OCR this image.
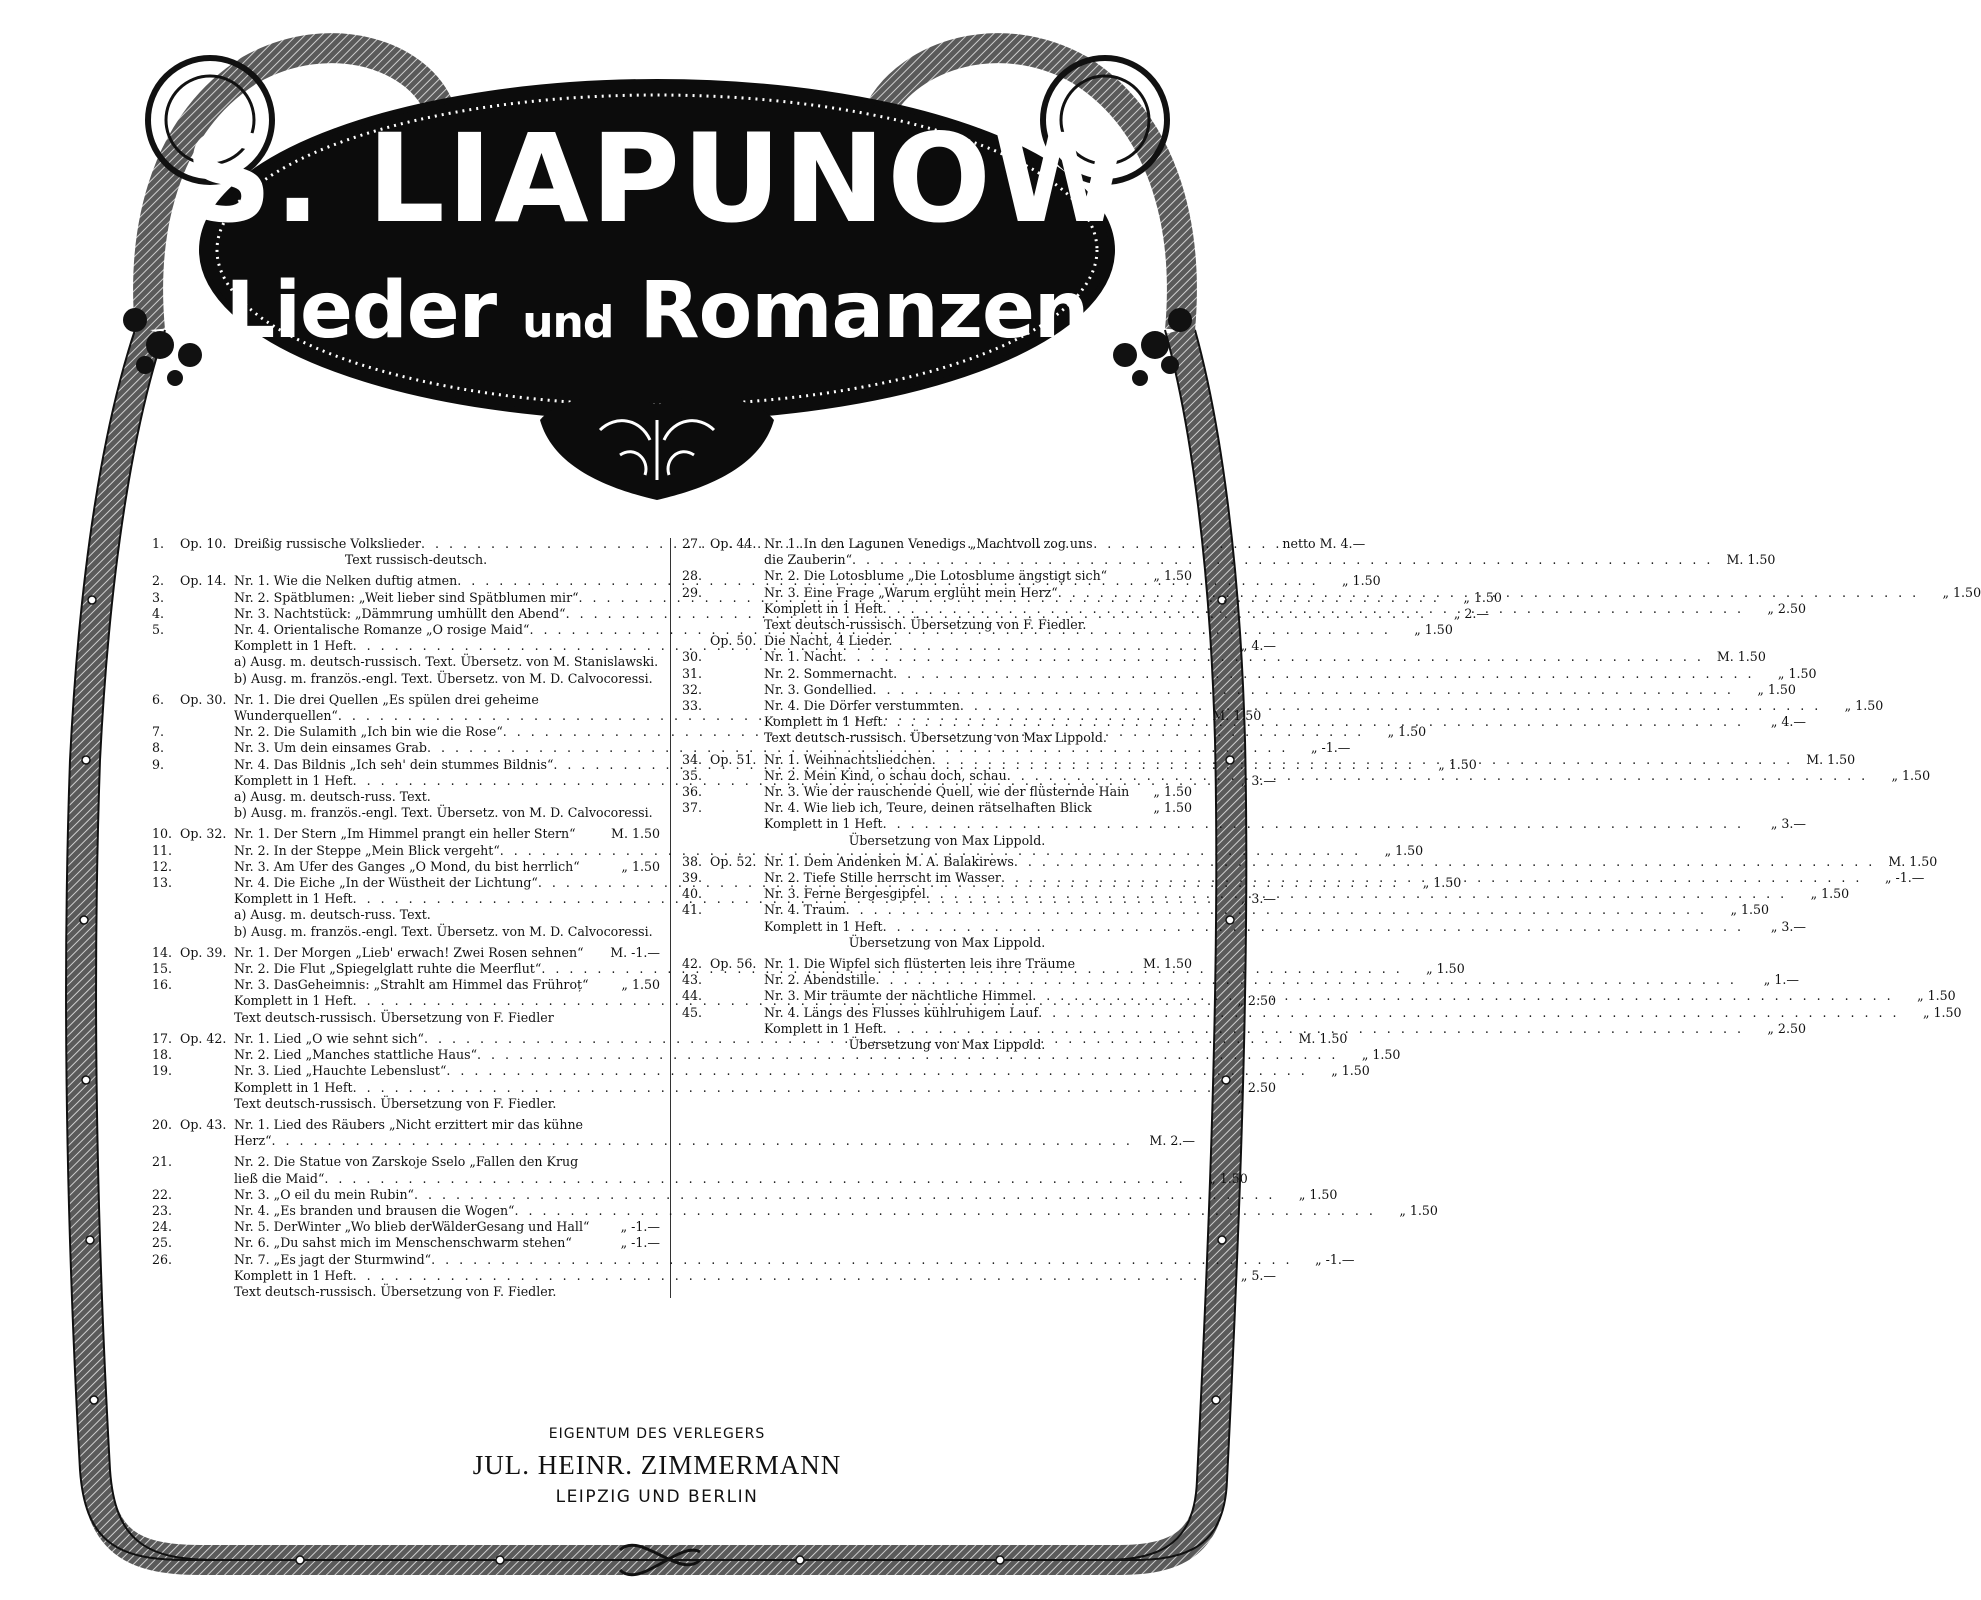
S. LIAPUNOW
Lieder und Romanzen
1.	Op. 10. Dreißig russische Volkslieder . . .	netto M. 4.—
Text russisch-deutsch.
2.	Op. 14. Nr. 1. Wie die Nelken duftig atmen . . .	„ 1.50
3.	Nr. 2. Spätblumen: „Weit lieber sind Spätblumen mir“ . . .	„ 1.50
4.	Nr. 3. Nachtstück: „Dämmrung umhüllt den Abend“ . . .	„ 2.—
5.	Nr. 4. Orientalische Romanze „O rosige Maid“ . . .	„ 1.50
Komplett in 1 Heft . . .	„ 4.—
a) Ausg. m. deutsch-russisch. Text. Übersetz. von M. Stanislawski.
b) Ausg. m. französ.-engl. Text. Übersetz. von M. D. Calvocoressi.
6.	Op. 30. Nr. 1. Die drei Quellen „Es spülen drei geheime
Wunderquellen“ . . .	M. 1.50
7.	Nr. 2. Die Sulamith „Ich bin wie die Rose“ . . .	„ 1.50
8.	Nr. 3. Um dein einsames Grab . . .	„ -1.—
9.	Nr. 4. Das Bildnis „Ich seh' dein stummes Bildnis“ . . .	„ 1.50
Komplett in 1 Heft . . .	„ 3.—
a) Ausg. m. deutsch-russ. Text.
b) Ausg. m. französ.-engl. Text. Übersetz. von M. D. Calvocoressi.
10. Op. 32. Nr. 1. Der Stern „Im Himmel prangt ein heller Stern“	M. 1.50
11.	Nr. 2. In der Steppe „Mein Blick vergeht“ . . .	„ 1.50
12.	Nr. 3. Am Ufer des Ganges „O Mond, du bist herrlich“	„ 1.50
13.	Nr. 4. Die Eiche „In der Wüstheit der Lichtung“ . . .	„ 1.50
Komplett in 1 Heft . . .	„ 3.—
a) Ausg. m. deutsch-russ. Text.
b) Ausg. m. französ.-engl. Text. Übersetz. von M. D. Calvocoressi.
14. Op. 39. Nr. 1. Der Morgen „Lieb' erwach! Zwei Rosen sehnen“	M. -1.—
15.	Nr. 2. Die Flut „Spiegelglatt ruhte die Meerflut“ . . .	„ 1.50
16.	Nr. 3. DasGeheimnis: „Strahlt am Himmel das Frühroț“	„ 1.50
Komplett in 1 Heft . . .	„ 2.50
Text deutsch-russisch. Übersetzung von F. Fiedler
17. Op. 42. Nr. 1. Lied „O wie sehnt sich“ . . .	M. 1.50
18.	Nr. 2. Lied „Manches stattliche Haus“ . . .	„ 1.50
19.	Nr. 3. Lied „Hauchte Lebenslust“ . . .	„ 1.50
Komplett in 1 Heft . . .	„ 2.50
Text deutsch-russisch. Übersetzung von F. Fiedler.
20. Op. 43. Nr. 1. Lied des Räubers „Nicht erzittert mir das kühne
Herz“ . . .	M. 2.—
21.	Nr. 2. Die Statue von Zarskoje Sselo „Fallen den Krug
ließ die Maid“ . . .	„ 1.50
22.	Nr. 3. „O eil du mein Rubin“ . . .	„ 1.50
23.	Nr. 4. „Es branden und brausen die Wogen“ . . .	„ 1.50
24.	Nr. 5. DerWinter „Wo blieb derWälderGesang und Hall“	„ -1.—
25.	Nr. 6. „Du sahst mich im Menschenschwarm stehen“	„ -1.—
26.	Nr. 7. „Es jagt der Sturmwind“ . . .	„ -1.—
Komplett in 1 Heft . . .	„ 5.—
Text deutsch-russisch. Übersetzung von F. Fiedler.
27. Op. 44. Nr. 1. In den Lagunen Venedigs „Machtvoll zog uns
die Zauberin“ . . .	M. 1.50
28.	Nr. 2. Die Lotosblume „Die Lotosblume ängstigt sich“	„ 1.50
29.	Nr. 3. Eine Frage „Warum erglüht mein Herz“ . . .	„ 1.50
Komplett in 1 Heft . . .	„ 2.50
Text deutsch-russisch. Übersetzung von F. Fiedler.
Op. 50. Die Nacht, 4 Lieder.
30.	Nr. 1. Nacht . . .	M. 1.50
31.	Nr. 2. Sommernacht . . .	„ 1.50
32.	Nr. 3. Gondellied . . .	„ 1.50
33.	Nr. 4. Die Dörfer verstummten . . .	„ 1.50
Komplett in 1 Heft . . .	„ 4.—
Text deutsch-russisch. Übersetzung von Max Lippold.
34. Op. 51. Nr. 1. Weihnachtsliedchen . . .	M. 1.50
35.	Nr. 2. Mein Kind, o schau doch, schau . . .	„ 1.50
36.	Nr. 3. Wie der rauschende Quell, wie der flüsternde Hain	„ 1.50
37.	Nr. 4. Wie lieb ich, Teure, deinen rätselhaften Blick	„ 1.50
Komplett in 1 Heft . . .	„ 3.—
Übersetzung von Max Lippold.
38. Op. 52. Nr. 1. Dem Andenken M. A. Balakirews . . .	M. 1.50
39.	Nr. 2. Tiefe Stille herrscht im Wasser . . .	„ -1.—
40.	Nr. 3. Ferne Bergesgipfel . . .	„ 1.50
41.	Nr. 4. Traum . . .	„ 1.50
Komplett in 1 Heft . . .	„ 3.—
Übersetzung von Max Lippold.
42. Op. 56. Nr. 1. Die Wipfel sich flüsterten leis ihre Träume	M. 1.50
43.	Nr. 2. Abendstille . . .	„ 1.—
44.	Nr. 3. Mir träumte der nächtliche Himmel . . .	„ 1.50
45.	Nr. 4. Längs des Flusses kühlruhigem Lauf . . .	„ 1.50
Komplett in 1 Heft . . .	„ 2.50
Übersetzung von Max Lippold.
EIGENTUM DES VERLEGERS
JUL. HEINR. ZIMMERMANN
LEIPZIG UND BERLIN
